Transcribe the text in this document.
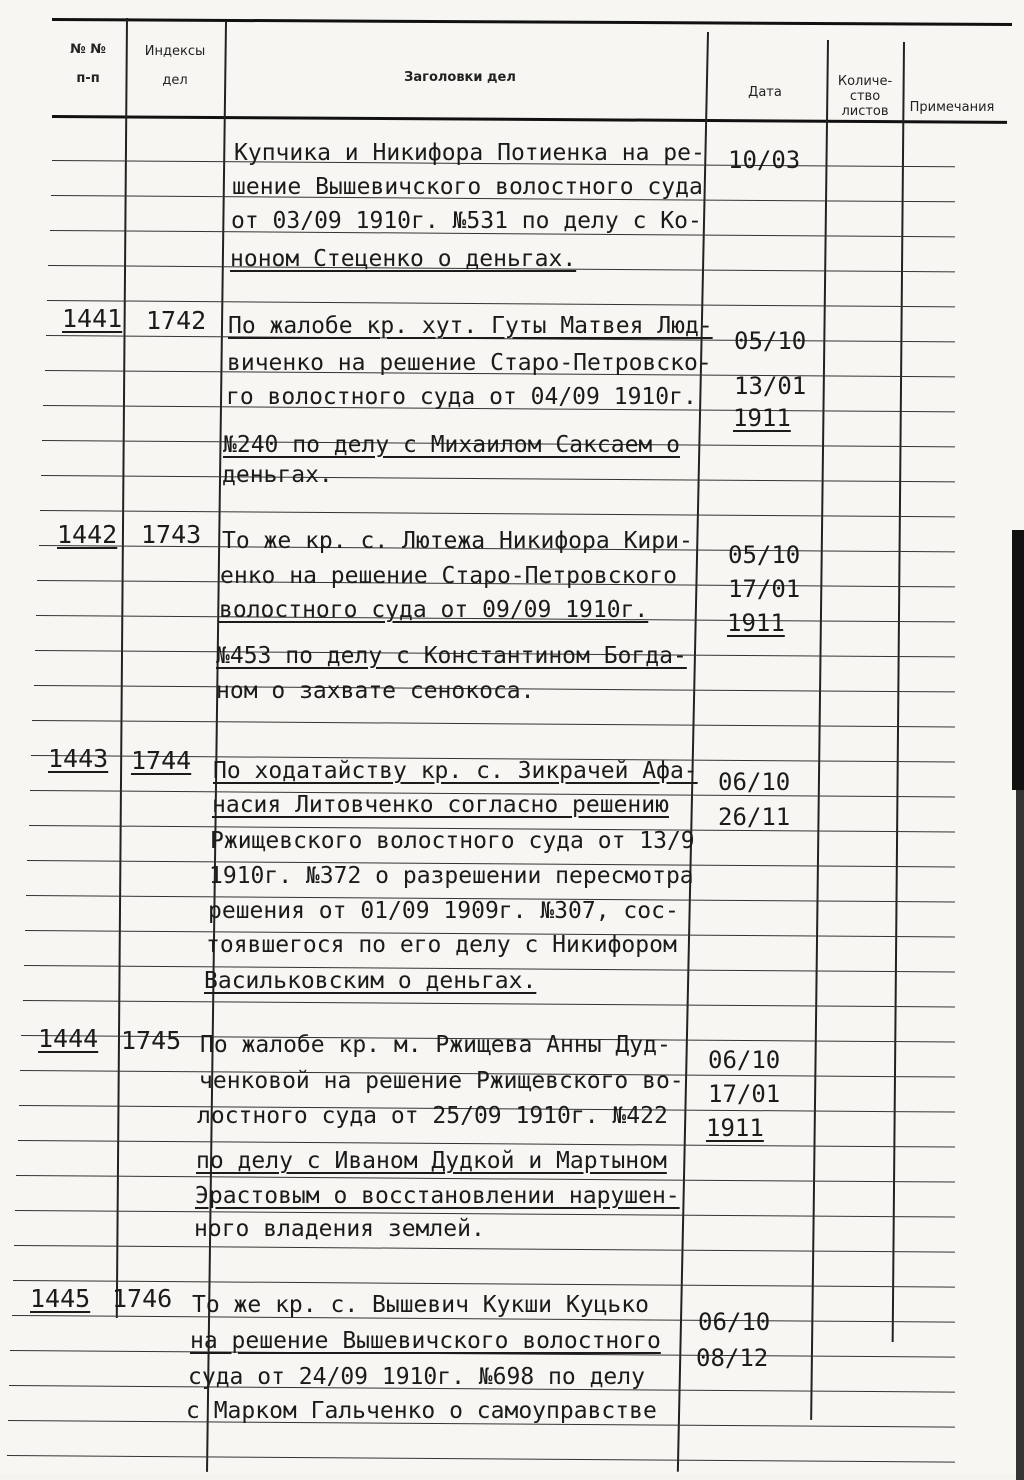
№ №
п-п
Индексы
дел	Заголовки дел
Дата
Количе-
ство
листов	Примечания
Купчика и Никифора Потиенка на ре-
шение Вышевичского волостного суда
от 03/09 1910г. №531 по делу с Ко-
ноном Стеценко о деньгах.
10/03
1441 1742 По жалобе кр. хут. Гуты Матвея Люд-
виченко на решение Старо-Петровско-
го волостного суда от 04/09 1910г.
№240 по делу с Михаилом Саксаем о
деньгах.
05/10
13/01
1911
1442 1743 То же кр. с. Лютежа Никифора Кири-
енко на решение Старо-Петровского
волостного суда от 09/09 1910г.
№453 по делу с Константином Богда-
ном о захвате сенокоса.
05/10
17/01
1911
1443 1744 По ходатайству кр. с. Зикрачей Афа-
насия Литовченко согласно решению
Ржищевского волостного суда от 13/9
1910г. №372 о разрешении пересмотра
решения от 01/09 1909г. №307, сос-
тоявшегося по его делу с Никифором
Васильковским о деньгах.
06/10
26/11
1444 1745 По жалобе кр. м. Ржищева Анны Дуд-
ченковой на решение Ржищевского во-
лостного суда от 25/09 1910г. №422
по делу с Иваном Дудкой и Мартыном
Эрастовым о восстановлении нарушен-
ного владения землей.
06/10
17/01
1911
1445 1746 То же кр. с. Вышевич Кукши Куцько
на решение Вышевичского волостного
суда от 24/09 1910г. №698 по делу
с Марком Гальченко о самоуправстве
06/10
08/12
